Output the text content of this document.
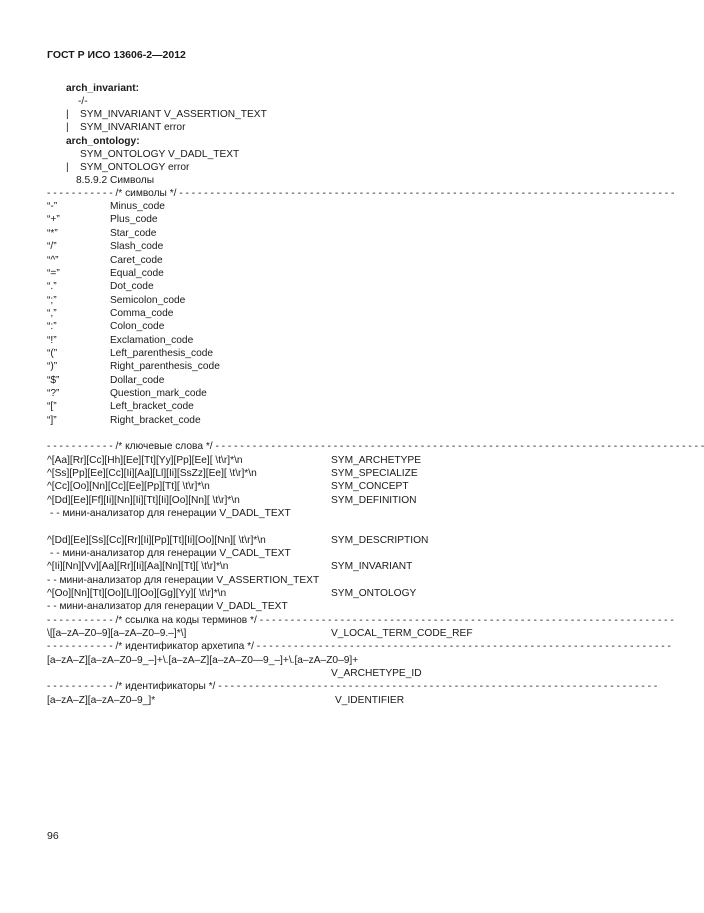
ГОСТ Р ИСО 13606-2—2012
arch_invariant:
-/-
| SYM_INVARIANT V_ASSERTION_TEXT
| SYM_INVARIANT error
arch_ontology:
SYM_ONTOLOGY V_DADL_TEXT
| SYM_ONTOLOGY error
8.5.9.2 Символы
- - - - - - - - - - - /* символы */ - - - - - - - - - - - - - - - - - - - - - - - - - - - - - - - - - - - - - - - - - - - - - - - - - - - - - - - - - - - - - - - - - - - - - - - - - - - - - - - -
“-”	Minus_code
“+”	Plus_code
“*”	Star_code
“/”	Slash_code
“^”	Caret_code
“=”	Equal_code
“.”	Dot_code
“;”	Semicolon_code
“,”	Comma_code
“:”	Colon_code
“!”	Exclamation_code
“(”	Left_parenthesis_code
“)”	Right_parenthesis_code
“$”	Dollar_code
“?”	Question_mark_code
“[”	Left_bracket_code
“]”	Right_bracket_code
- - - - - - - - - - - /* ключевые слова */ - - - - - - - - - - - - - - - - - - - - - - - - - - - - - - - - - - - - - - - - - - - - - - - - - - - - - - - - - - - - - - - - - - - - - - - - - - - - - - -
^[Aa][Rr][Cc][Hh][Ee][Tt][Yy][Pp][Ee][ \t\r]*\n	SYM_ARCHETYPE
^[Ss][Pp][Ee][Cc][Ii][Aa][Ll][Ii][SsZz][Ee][ \t\r]*\n	SYM_SPECIALIZE
^[Cc][Oo][Nn][Cc][Ee][Pp][Tt][ \t\r]*\n	SYM_CONCEPT
^[Dd][Ee][Ff][Ii][Nn][Ii][Tt][Ii][Oo][Nn][ \t\r]*\n	SYM_DEFINITION
- - мини-анализатор для генерации V_DADL_TEXT
^[Dd][Ee][Ss][Cc][Rr][Ii][Pp][Tt][Ii][Oo][Nn][ \t\r]*\n	SYM_DESCRIPTION
- - мини-анализатор для генерации V_CADL_TEXT
^[Ii][Nn][Vv][Aa][Rr][Ii][Aa][Nn][Tt][ \t\r]*\n	SYM_INVARIANT
- - мини-анализатор для генерации V_ASSERTION_TEXT
^[Oo][Nn][Tt][Oo][Ll][Oo][Gg][Yy][ \t\r]*\n	SYM_ONTOLOGY
- - мини-анализатор для генерации V_DADL_TEXT
- - - - - - - - - - - /* ссылка на коды терминов */ - - - - - - - - - - - - - - - - - - - - - - - - - - - - - - - - - - - - - - - - - - - - - - - - - - - - - - - - - - - - - - - - - - -
\[[a–zA–Z0–9][a–zA–Z0–9.–]*\]	V_LOCAL_TERM_CODE_REF
- - - - - - - - - - - /* идентификатор архетипа */ - - - - - - - - - - - - - - - - - - - - - - - - - - - - - - - - - - - - - - - - - - - - - - - - - - - - - - - - - - - - - - - - - - -
[a–zA–Z][a–zA–Z0–9_–]+\.[a–zA–Z][a–zA–Z0—9_–]+\.[a–zA–Z0–9]+
V_ARCHETYPE_ID
- - - - - - - - - - - /* идентификаторы */ - - - - - - - - - - - - - - - - - - - - - - - - - - - - - - - - - - - - - - - - - - - - - - - - - - - - - - - - - - - - - - - - - - - - - - -
[a–zA–Z][a–zA–Z0–9_]*	V_IDENTIFIER
96
